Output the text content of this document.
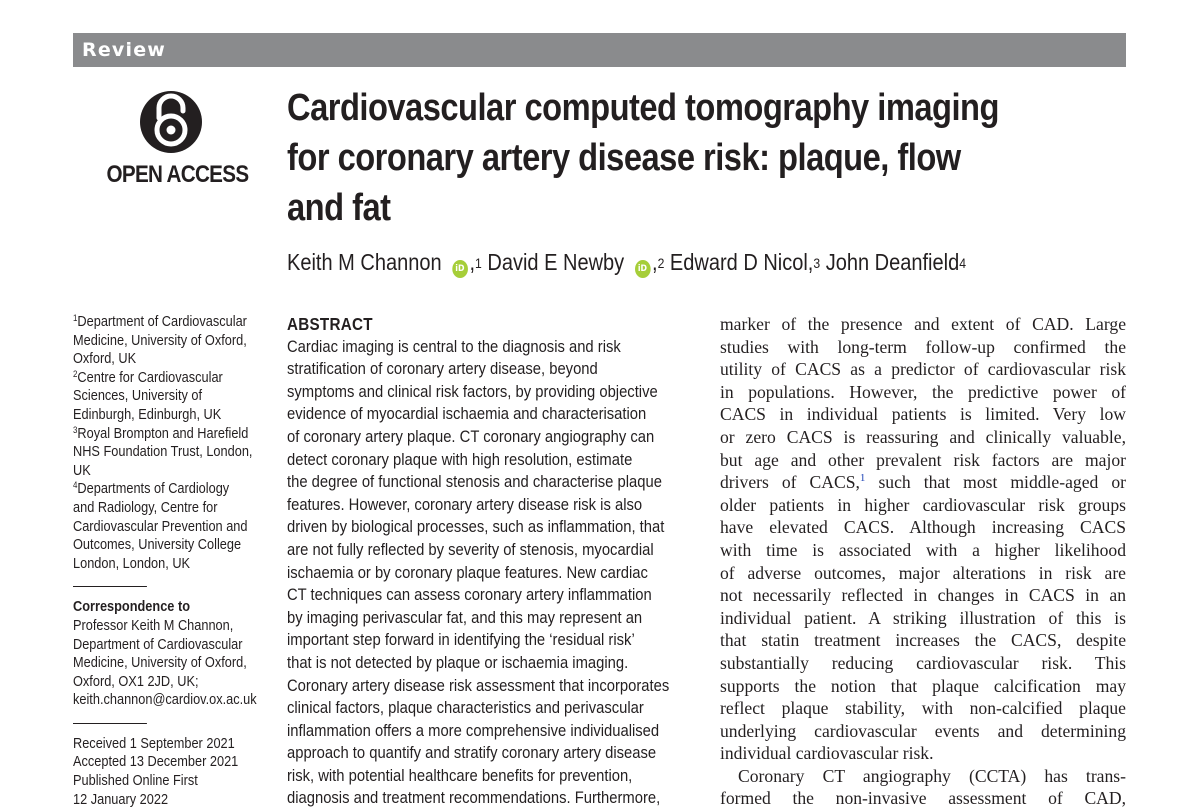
Review
OPEN ACCESS
Cardiovascular computed tomography imaging
for coronary artery disease risk: plaque, flow
and fat
Keith M Channon	iD ,$^1$
David E Newby	iD ,$^2$
Edward D Nicol ,$^3$
John Deanfield$^4$
$^1$Department of Cardiovascular
Medicine, University of Oxford,
Oxford, UK
$^2$Centre for Cardiovascular
Sciences, University of
Edinburgh, Edinburgh, UK
$^3$Royal Brompton and Harefield
NHS Foundation Trust, London,
UK
$^4$Departments of Cardiology
and Radiology, Centre for
Cardiovascular Prevention and
Outcomes, University College
London, London, UK
Correspondence to
Professor Keith M Channon,
Department of Cardiovascular
Medicine, University of Oxford,
Oxford, OX1 2JD, UK;
keith.channon@cardiov.ox.ac.uk
Received 1 September 2021
Accepted 13 December 2021
Published Online First
12 January 2022
ABSTRACT

Cardiac imaging is central to the diagnosis and risk
stratification of coronary artery disease, beyond
symptoms and clinical risk factors, by providing objective
evidence of myocardial ischaemia and characterisation
of coronary artery plaque. CT coronary angiography can
detect coronary plaque with high resolution, estimate
the degree of functional stenosis and characterise plaque
features. However, coronary artery disease risk is also
driven by biological processes, such as inflammation, that
are not fully reflected by severity of stenosis, myocardial
ischaemia or by coronary plaque features. New cardiac
CT techniques can assess coronary artery inflammation
by imaging perivascular fat, and this may represent an
important step forward in identifying the ‘residual risk’
that is not detected by plaque or ischaemia imaging.
Coronary artery disease risk assessment that incorporates
clinical factors, plaque characteristics and perivascular
inflammation offers a more comprehensive individualised
approach to quantify and stratify coronary artery disease
risk, with potential healthcare benefits for prevention,
diagnosis and treatment recommendations. Furthermore,

marker of the presence and extent of CAD. Large
studies with long-term follow-up confirmed the
utility of CACS as a predictor of cardiovascular risk
in populations. However, the predictive power of
CACS in individual patients is limited. Very low
or zero CACS is reassuring and clinically valuable,
but age and other prevalent risk factors are major
drivers of CACS,$^1$ such that most middle-aged or
older patients in higher cardiovascular risk groups
have elevated CACS. Although increasing CACS
with time is associated with a higher likelihood
of adverse outcomes, major alterations in risk are
not necessarily reflected in changes in CACS in an
individual patient. A striking illustration of this is
that statin treatment increases the CACS, despite
substantially reducing cardiovascular risk. This
supports the notion that plaque calcification may
reflect plaque stability, with non-calcified plaque
underlying cardiovascular events and determining
individual cardiovascular risk.

Coronary CT angiography (CCTA) has trans-
formed the non-invasive assessment of CAD,
